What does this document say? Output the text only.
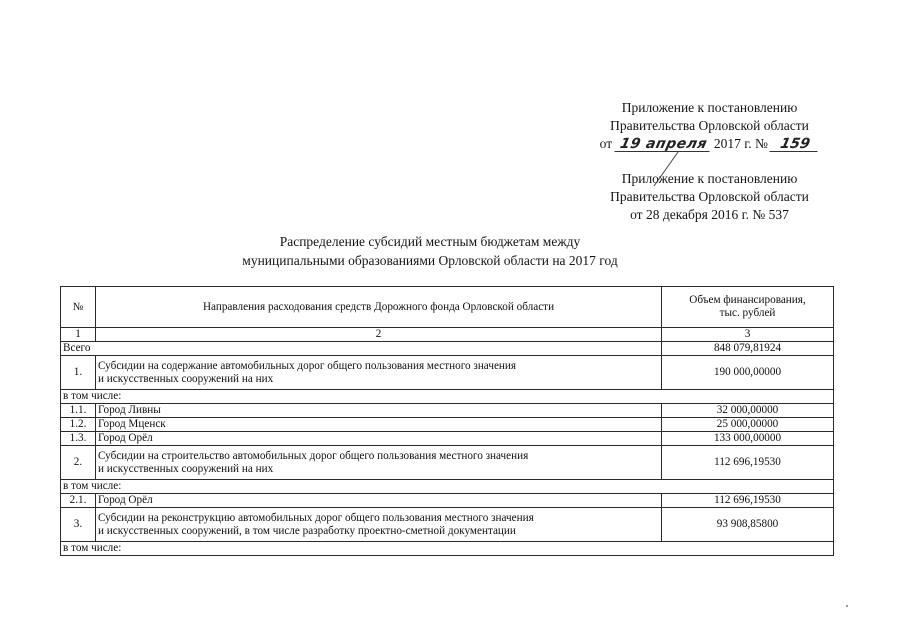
Приложение к постановлению
Правительства Орловской области
от 19 апреля 2017 г. № 159
Приложение к постановлению
Правительства Орловской области
от 28 декабря 2016 г. № 537
Распределение субсидий местным бюджетам между
муниципальными образованиями Орловской области на 2017 год
№	Направления расходования средств Дорожного фонда Орловской области	Объем финансирования,
тыс. рублей

1	2	3
Всего		848 079,81924
1.	Субсидии на содержание автомобильных дорог общего пользования местного значения
и искусственных сооружений на них	190 000,00000
в том числе:		
1.1.	Город Ливны	32 000,00000
1.2.	Город Мценск	25 000,00000
1.3.	Город Орёл	133 000,00000
2.	Субсидии на строительство автомобильных дорог общего пользования местного значения
и искусственных сооружений на них	112 696,19530
в том числе:		
2.1.	Город Орёл	112 696,19530
3.	Субсидии на реконструкцию автомобильных дорог общего пользования местного значения
и искусственных сооружений, в том числе разработку проектно-сметной документации	93 908,85800
в том числе:		
